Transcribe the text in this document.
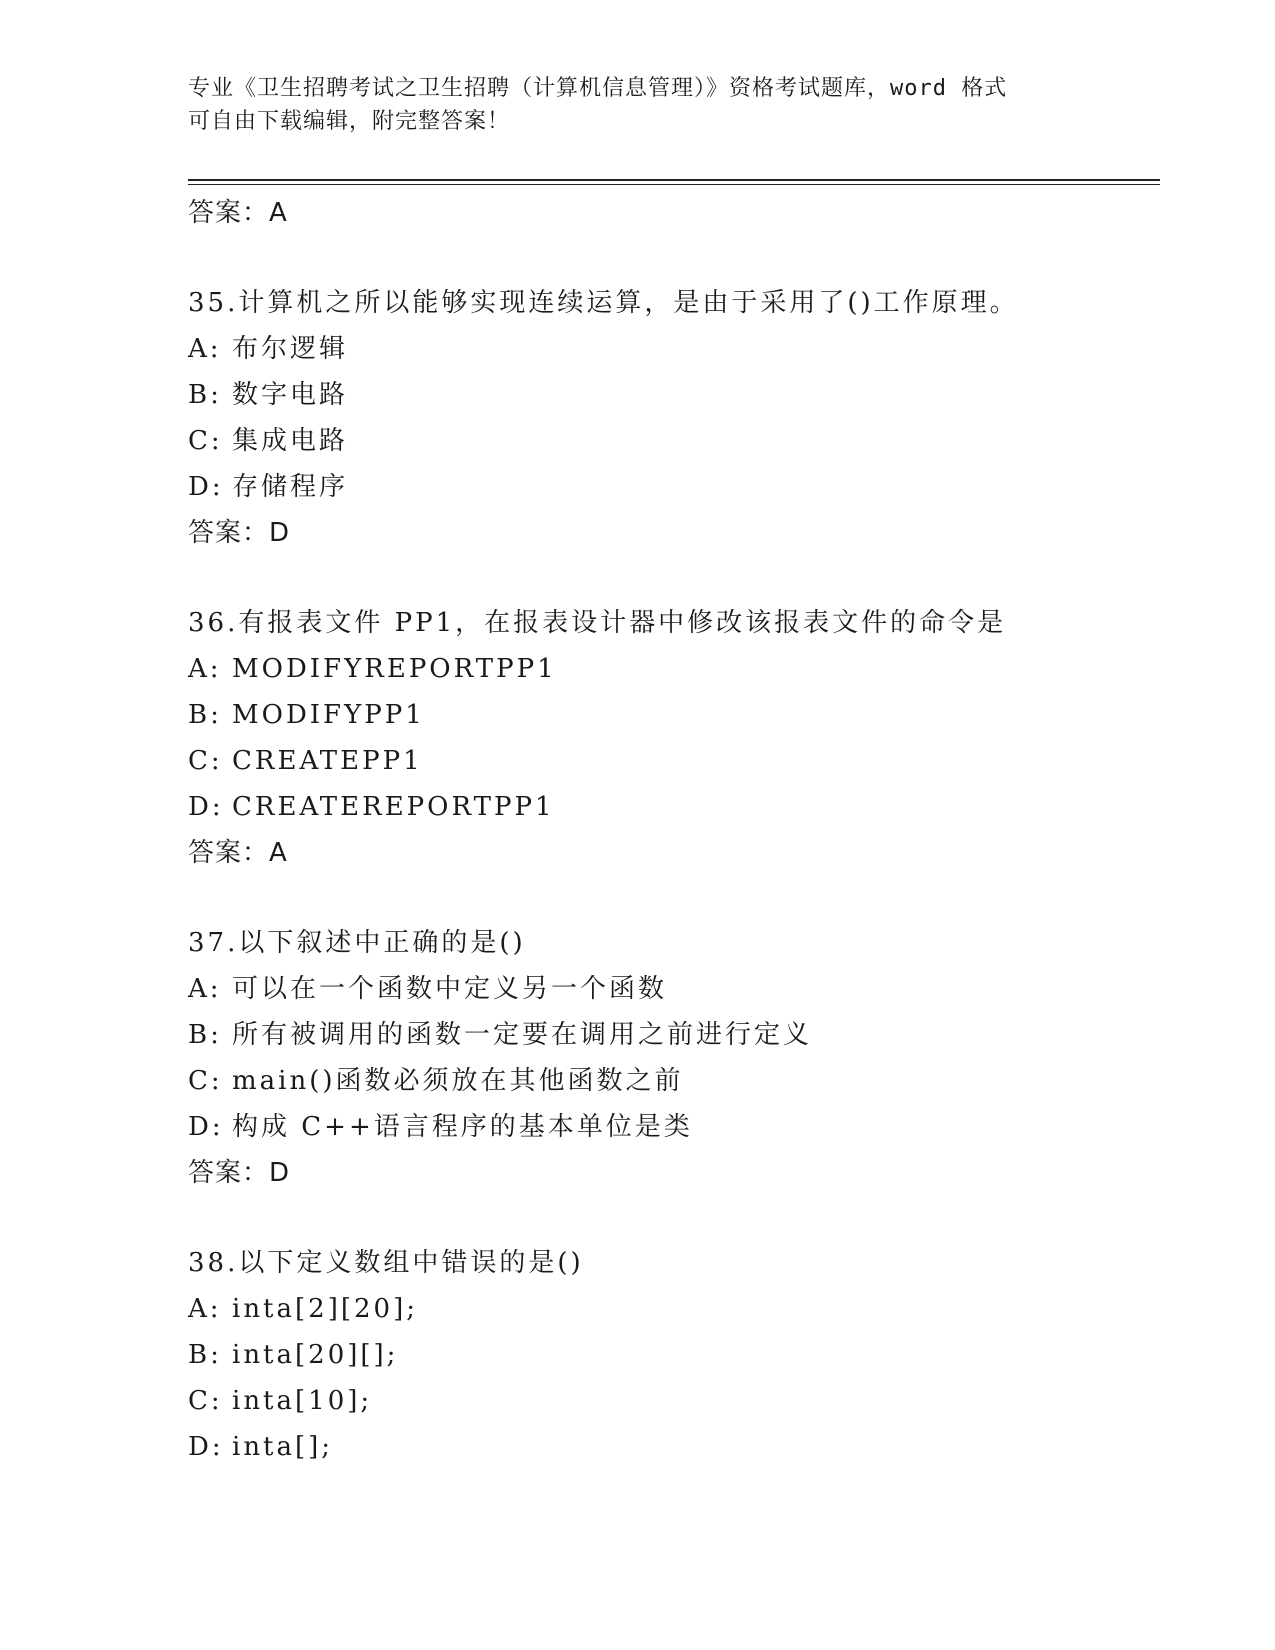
专业《卫生招聘考试之卫生招聘（计算机信息管理）》资格考试题库，word 格式
可自由下载编辑，附完整答案！
答案：A
35.计算机之所以能够实现连续运算，是由于采用了()工作原理。
A: 布尔逻辑
B: 数字电路
C: 集成电路
D: 存储程序
答案：D
36.有报表文件 PP1，在报表设计器中修改该报表文件的命令是
A: MODIFYREPORTPP1
B: MODIFYPP1
C: CREATEPP1
D: CREATEREPORTPP1
答案：A
37.以下叙述中正确的是()
A: 可以在一个函数中定义另一个函数
B: 所有被调用的函数一定要在调用之前进行定义
C: main()函数必须放在其他函数之前
D: 构成 C++语言程序的基本单位是类
答案：D
38.以下定义数组中错误的是()
A: inta[2][20];
B: inta[20][];
C: inta[10];
D: inta[];
